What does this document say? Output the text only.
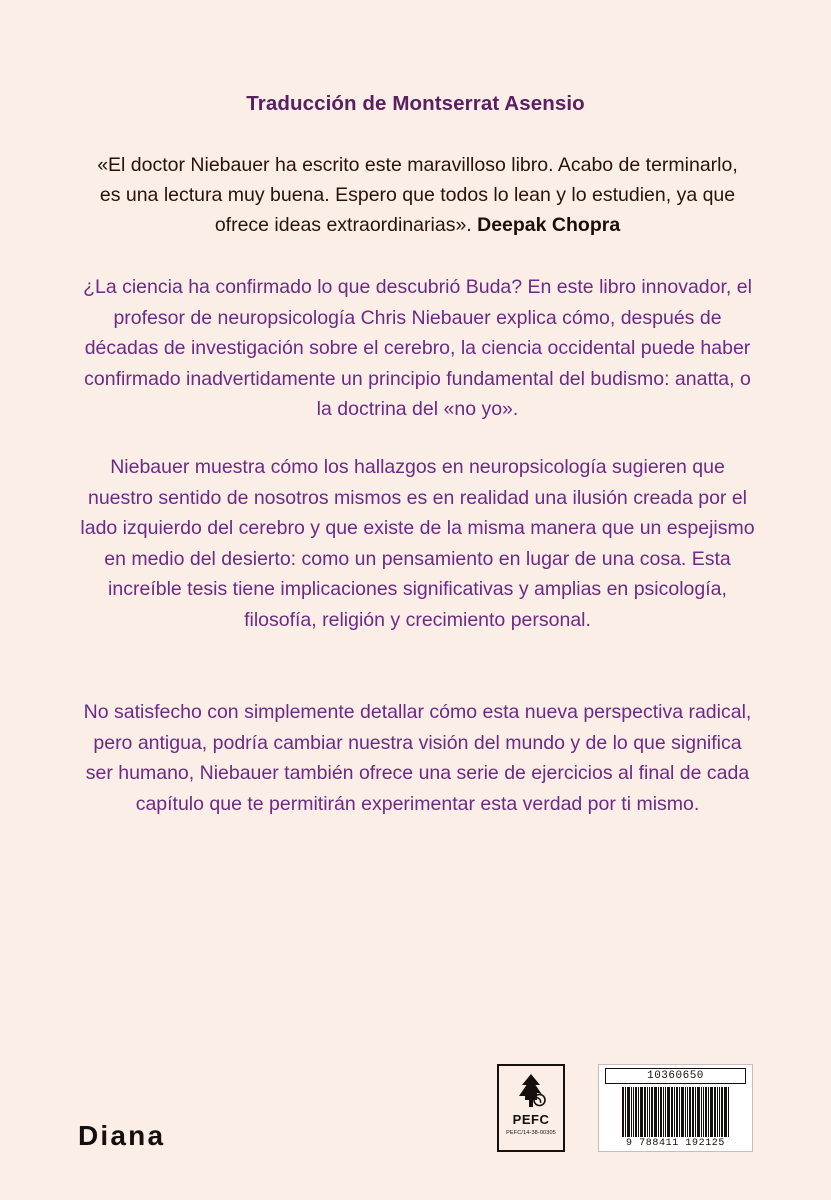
Traducción de Montserrat Asensio
«El doctor Niebauer ha escrito este maravilloso libro. Acabo de terminarlo, es una lectura muy buena. Espero que todos lo lean y lo estudien, ya que ofrece ideas extraordinarias». Deepak Chopra
¿La ciencia ha confirmado lo que descubrió Buda? En este libro innovador, el profesor de neuropsicología Chris Niebauer explica cómo, después de décadas de investigación sobre el cerebro, la ciencia occidental puede haber confirmado inadvertidamente un principio fundamental del budismo: anatta, o la doctrina del «no yo».
Niebauer muestra cómo los hallazgos en neuropsicología sugieren que nuestro sentido de nosotros mismos es en realidad una ilusión creada por el lado izquierdo del cerebro y que existe de la misma manera que un espejismo en medio del desierto: como un pensamiento en lugar de una cosa. Esta increíble tesis tiene implicaciones significativas y amplias en psicología, filosofía, religión y crecimiento personal.
No satisfecho con simplemente detallar cómo esta nueva perspectiva radical, pero antigua, podría cambiar nuestra visión del mundo y de lo que significa ser humano, Niebauer también ofrece una serie de ejercicios al final de cada capítulo que te permitirán experimentar esta verdad por ti mismo.
Diana
PEFC
PEFC/14-38-00305
10360650
9 788411 192125
